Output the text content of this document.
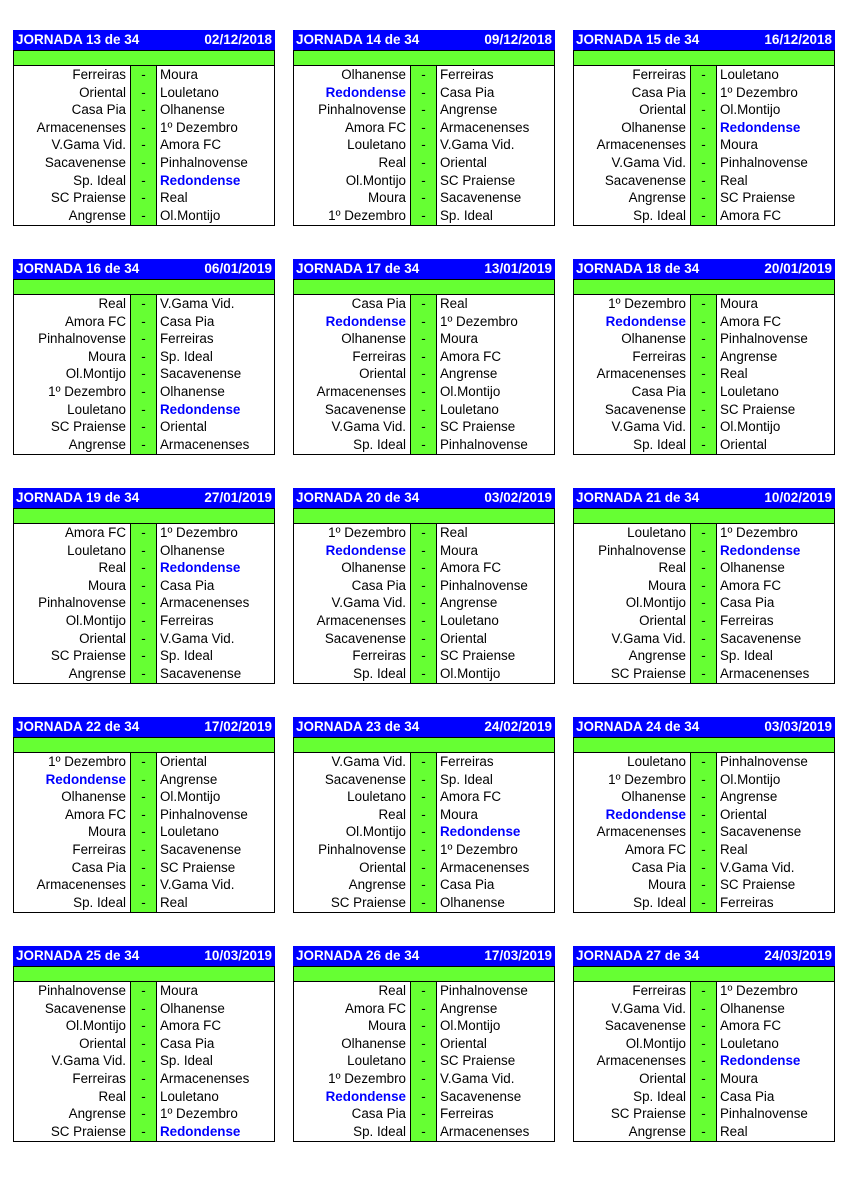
JORNADA 13 de 34	02/12/2018
Ferreiras	-	Moura
Oriental	-	Louletano
Casa Pia	-	Olhanense
Armacenenses	-	1º Dezembro
V.Gama Vid.	-	Amora FC
Sacavenense	-	Pinhalnovense
Sp. Ideal	-	Redondense
SC Praiense	-	Real
Angrense	-	Ol.Montijo
JORNADA 14 de 34	09/12/2018
Olhanense	-	Ferreiras
Redondense	-	Casa Pia
Pinhalnovense	-	Angrense
Amora FC	-	Armacenenses
Louletano	-	V.Gama Vid.
Real	-	Oriental
Ol.Montijo	-	SC Praiense
Moura	-	Sacavenense
1º Dezembro	-	Sp. Ideal
JORNADA 15 de 34	16/12/2018
Ferreiras	-	Louletano
Casa Pia	-	1º Dezembro
Oriental	-	Ol.Montijo
Olhanense	-	Redondense
Armacenenses	-	Moura
V.Gama Vid.	-	Pinhalnovense
Sacavenense	-	Real
Angrense	-	SC Praiense
Sp. Ideal	-	Amora FC
JORNADA 16 de 34	06/01/2019
Real	-	V.Gama Vid.
Amora FC	-	Casa Pia
Pinhalnovense	-	Ferreiras
Moura	-	Sp. Ideal
Ol.Montijo	-	Sacavenense
1º Dezembro	-	Olhanense
Louletano	-	Redondense
SC Praiense	-	Oriental
Angrense	-	Armacenenses
JORNADA 17 de 34	13/01/2019
Casa Pia	-	Real
Redondense	-	1º Dezembro
Olhanense	-	Moura
Ferreiras	-	Amora FC
Oriental	-	Angrense
Armacenenses	-	Ol.Montijo
Sacavenense	-	Louletano
V.Gama Vid.	-	SC Praiense
Sp. Ideal	-	Pinhalnovense
JORNADA 18 de 34	20/01/2019
1º Dezembro	-	Moura
Redondense	-	Amora FC
Olhanense	-	Pinhalnovense
Ferreiras	-	Angrense
Armacenenses	-	Real
Casa Pia	-	Louletano
Sacavenense	-	SC Praiense
V.Gama Vid.	-	Ol.Montijo
Sp. Ideal	-	Oriental
JORNADA 19 de 34	27/01/2019
Amora FC	-	1º Dezembro
Louletano	-	Olhanense
Real	-	Redondense
Moura	-	Casa Pia
Pinhalnovense	-	Armacenenses
Ol.Montijo	-	Ferreiras
Oriental	-	V.Gama Vid.
SC Praiense	-	Sp. Ideal
Angrense	-	Sacavenense
JORNADA 20 de 34	03/02/2019
1º Dezembro	-	Real
Redondense	-	Moura
Olhanense	-	Amora FC
Casa Pia	-	Pinhalnovense
V.Gama Vid.	-	Angrense
Armacenenses	-	Louletano
Sacavenense	-	Oriental
Ferreiras	-	SC Praiense
Sp. Ideal	-	Ol.Montijo
JORNADA 21 de 34	10/02/2019
Louletano	-	1º Dezembro
Pinhalnovense	-	Redondense
Real	-	Olhanense
Moura	-	Amora FC
Ol.Montijo	-	Casa Pia
Oriental	-	Ferreiras
V.Gama Vid.	-	Sacavenense
Angrense	-	Sp. Ideal
SC Praiense	-	Armacenenses
JORNADA 22 de 34	17/02/2019
1º Dezembro	-	Oriental
Redondense	-	Angrense
Olhanense	-	Ol.Montijo
Amora FC	-	Pinhalnovense
Moura	-	Louletano
Ferreiras	-	Sacavenense
Casa Pia	-	SC Praiense
Armacenenses	-	V.Gama Vid.
Sp. Ideal	-	Real
JORNADA 23 de 34	24/02/2019
V.Gama Vid.	-	Ferreiras
Sacavenense	-	Sp. Ideal
Louletano	-	Amora FC
Real	-	Moura
Ol.Montijo	-	Redondense
Pinhalnovense	-	1º Dezembro
Oriental	-	Armacenenses
Angrense	-	Casa Pia
SC Praiense	-	Olhanense
JORNADA 24 de 34	03/03/2019
Louletano	-	Pinhalnovense
1º Dezembro	-	Ol.Montijo
Olhanense	-	Angrense
Redondense	-	Oriental
Armacenenses	-	Sacavenense
Amora FC	-	Real
Casa Pia	-	V.Gama Vid.
Moura	-	SC Praiense
Sp. Ideal	-	Ferreiras
JORNADA 25 de 34	10/03/2019
Pinhalnovense	-	Moura
Sacavenense	-	Olhanense
Ol.Montijo	-	Amora FC
Oriental	-	Casa Pia
V.Gama Vid.	-	Sp. Ideal
Ferreiras	-	Armacenenses
Real	-	Louletano
Angrense	-	1º Dezembro
SC Praiense	-	Redondense
JORNADA 26 de 34	17/03/2019
Real	-	Pinhalnovense
Amora FC	-	Angrense
Moura	-	Ol.Montijo
Olhanense	-	Oriental
Louletano	-	SC Praiense
1º Dezembro	-	V.Gama Vid.
Redondense	-	Sacavenense
Casa Pia	-	Ferreiras
Sp. Ideal	-	Armacenenses
JORNADA 27 de 34	24/03/2019
Ferreiras	-	1º Dezembro
V.Gama Vid.	-	Olhanense
Sacavenense	-	Amora FC
Ol.Montijo	-	Louletano
Armacenenses	-	Redondense
Oriental	-	Moura
Sp. Ideal	-	Casa Pia
SC Praiense	-	Pinhalnovense
Angrense	-	Real
